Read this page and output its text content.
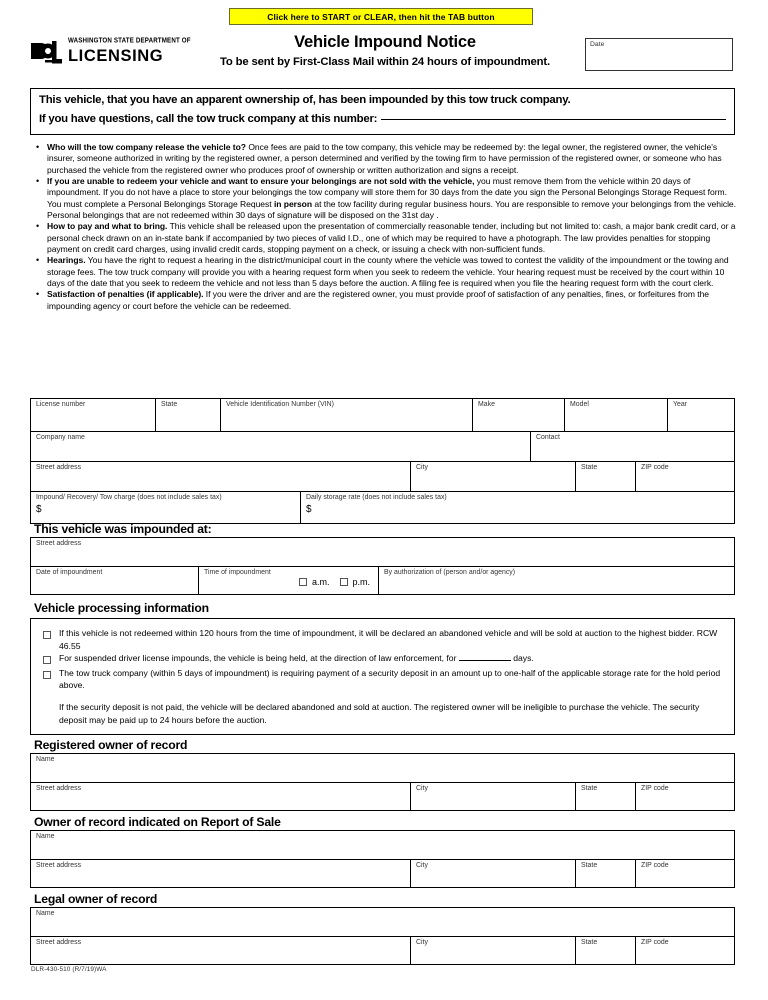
Click here to START or CLEAR, then hit the TAB button
WASHINGTON STATE DEPARTMENT OF
LICENSING
Vehicle Impound Notice
To be sent by First-Class Mail within 24 hours of impoundment.
Date
This vehicle, that you have an apparent ownership of, has been impounded by this tow truck company.
If you have questions, call the tow truck company at this number:
• Who will the tow company release the vehicle to? Once fees are paid to the tow company, this vehicle may be redeemed by: the legal owner, the registered owner, the vehicle's insurer, someone authorized in writing by the registered owner, a person determined and verified by the towing firm to have permission of the registered owner, or someone who has purchased the vehicle from the registered owner who produces proof of ownership or written authorization and signs a receipt.
• If you are unable to redeem your vehicle and want to ensure your belongings are not sold with the vehicle, you must remove them from the vehicle within 20 days of impoundment. If you do not have a place to store your belongings the tow company will store them for 30 days from the date you sign the Personal Belongings Storage Request form. You must complete a Personal Belongings Storage Request in person at the tow facility during regular business hours. You are responsible to remove your belongings from the vehicle. Personal belongings that are not redeemed within 30 days of signature will be disposed on the 31st day .
• How to pay and what to bring. This vehicle shall be released upon the presentation of commercially reasonable tender, including but not limited to: cash, a major bank credit card, or a personal check drawn on an in-state bank if accompanied by two pieces of valid I.D., one of which may be required to have a photograph. The law provides penalties for stopping payment on credit card charges, using invalid credit cards, stopping payment on a check, or issuing a check with non-sufficient funds.
• Hearings. You have the right to request a hearing in the district/municipal court in the county where the vehicle was towed to contest the validity of the impoundment or the towing and storage fees. The tow truck company will provide you with a hearing request form when you seek to redeem the vehicle. Your hearing request must be received by the court within 10 days of the date that you seek to redeem the vehicle and not less than 5 days before the auction. A filing fee is required when you file the hearing request form with the court clerk.
• Satisfaction of penalties (if applicable). If you were the driver and are the registered owner, you must provide proof of satisfaction of any penalties, fines, or forfeitures from the impounding agency or court before the vehicle can be redeemed.
License number	State	Vehicle Identification Number (VIN)	Make	Model	Year
Company name	Contact
Street address	City	State	ZIP code
Impound/ Recovery/ Tow charge (does not include sales tax)
$
Daily storage rate (does not include sales tax)
$
This vehicle was impounded at:
Street address
Date of impoundment	Time of impoundment
a.m.	p.m.
By authorization of (person and/or agency)
Vehicle processing information
If this vehicle is not redeemed within 120 hours from the time of impoundment, it will be declared an abandoned vehicle and will be sold at auction to the highest bidder. RCW 46.55
For suspended driver license impounds, the vehicle is being held, at the direction of law enforcement, for	days.
The tow truck company (within 5 days of impoundment) is requiring payment of a security deposit in an amount up to one-half of the applicable storage rate for the hold period above.
If the security deposit is not paid, the vehicle will be declared abandoned and sold at auction. The registered owner will be ineligible to purchase the vehicle. The security deposit may be paid up to 24 hours before the auction.
Registered owner of record
Name
Street address	City	State	ZIP code
Owner of record indicated on Report of Sale
Name
Street address	City	State	ZIP code
Legal owner of record
Name
Street address	City	State	ZIP code
DLR-430-510 (R/7/19)WA
